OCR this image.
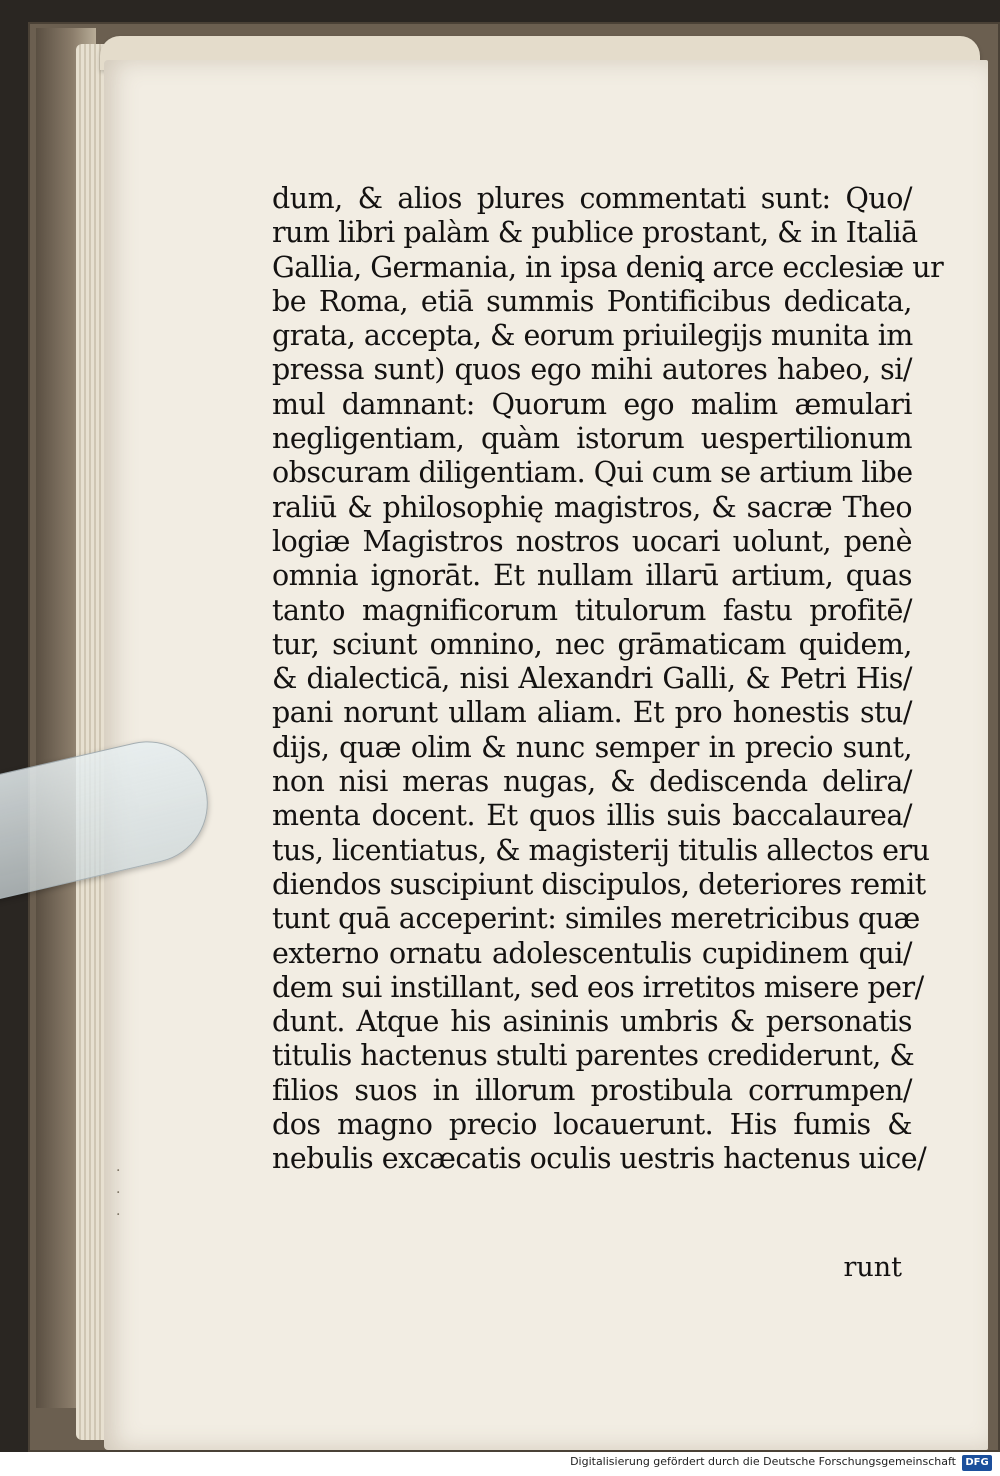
dum, & alios plures commentati sunt: Quo/
rum libri palàm & publice prostant, & in Italiā
Gallia, Germania, in ipsa deniꝗ arce ecclesiæ ur
be Roma, etiā summis Pontificibus dedicata,
grata, accepta, & eorum priuilegijs munita im
pressa sunt) quos ego mihi autores habeo, si/
mul damnant: Quorum ego malim æmulari
negligentiam, quàm istorum uespertilionum
obscuram diligentiam. Qui cum se artium libe
raliū & philosophię magistros, & sacræ Theo
logiæ Magistros nostros uocari uolunt, penè
omnia ignorāt. Et nullam illarū artium, quas
tanto magnificorum titulorum fastu profitē/
tur, sciunt omnino, nec grāmaticam quidem,
& dialecticā, nisi Alexandri Galli, & Petri His/
pani norunt ullam aliam. Et pro honestis stu/
dijs, quæ olim & nunc semper in precio sunt,
non nisi meras nugas, & dediscenda delira/
menta docent. Et quos illis suis baccalaurea/
tus, licentiatus, & magisterij titulis allectos eru
diendos suscipiunt discipulos, deteriores remit
tunt quā acceperint: similes meretricibus quæ
externo ornatu adolescentulis cupidinem qui/
dem sui instillant, sed eos irretitos misere per/
dunt. Atque his asininis umbris & personatis
titulis hactenus stulti parentes crediderunt, &
filios suos in illorum prostibula corrumpen/
dos magno precio locauerunt. His fumis &
nebulis excæcatis oculis uestris hactenus uice/
runt
·
·
·
Digitalisierung gefördert durch die Deutsche Forschungsgemeinschaft DFG
